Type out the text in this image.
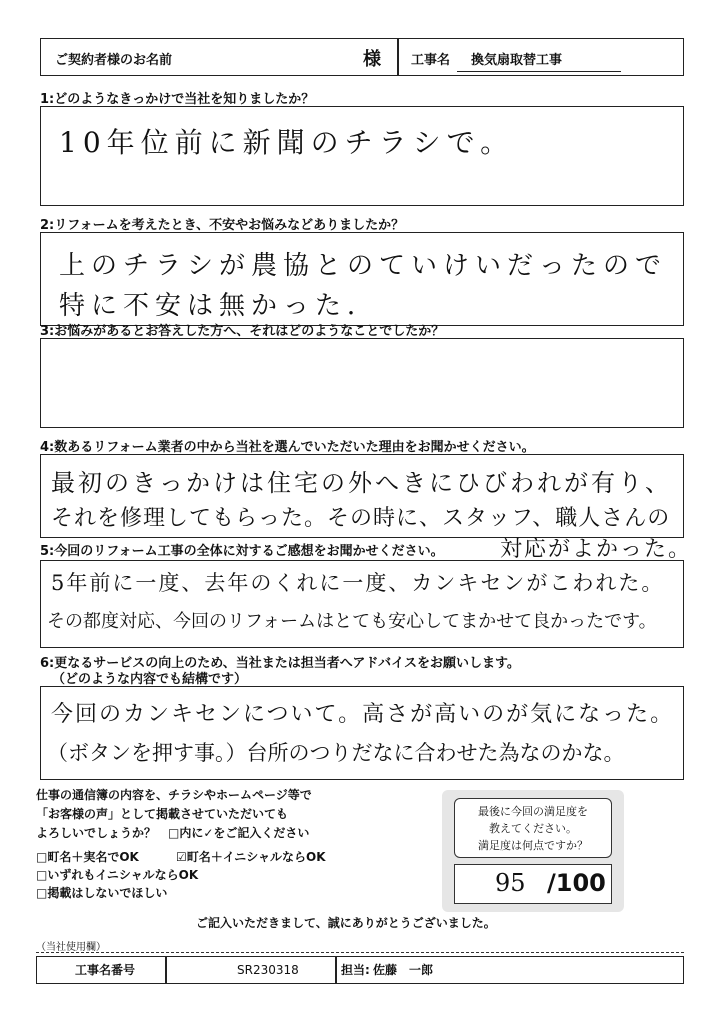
ご契約者様のお名前	様 工事名 換気扇取替工事
1:どのようなきっかけで当社を知りましたか？
10年位前に新聞のチラシで。
2:リフォームを考えたとき、不安やお悩みなどありましたか？
上のチラシが農協とのていけいだったので
特に不安は無かった．
3:お悩みがあるとお答えした方へ、それはどのようなことでしたか？
4:数あるリフォーム業者の中から当社を選んでいただいた理由をお聞かせください。
最初のきっかけは住宅の外へきにひびわれが有り、
それを修理してもらった。その時に、スタッフ、職人さんの
5:今回のリフォーム工事の全体に対するご感想をお聞かせください。	対応がよかった。
5年前に一度、去年のくれに一度、カンキセンがこわれた。
その都度対応、今回のリフォームはとても安心してまかせて良かったです。
6:更なるサービスの向上のため、当社または担当者へアドバイスをお願いします。
（どのような内容でも結構です）
今回のカンキセンについて。高さが高いのが気になった。
（ボタンを押す事。）台所のつりだなに合わせた為なのかな。
仕事の通信簿の内容を、チラシやホームページ等で
「お客様の声」として掲載させていただいても
よろしいでしょうか？　□内に✓をご記入ください
□町名＋実名でOK	☑町名＋イニシャルならOK
□いずれもイニシャルならOK
□掲載はしないでほしい
最後に今回の満足度を
教えてください。
満足度は何点ですか？
95 /100
ご記入いただきまして、誠にありがとうございました。
（当社使用欄）
工事名番号	SR230318	担当: 佐藤　一郎
